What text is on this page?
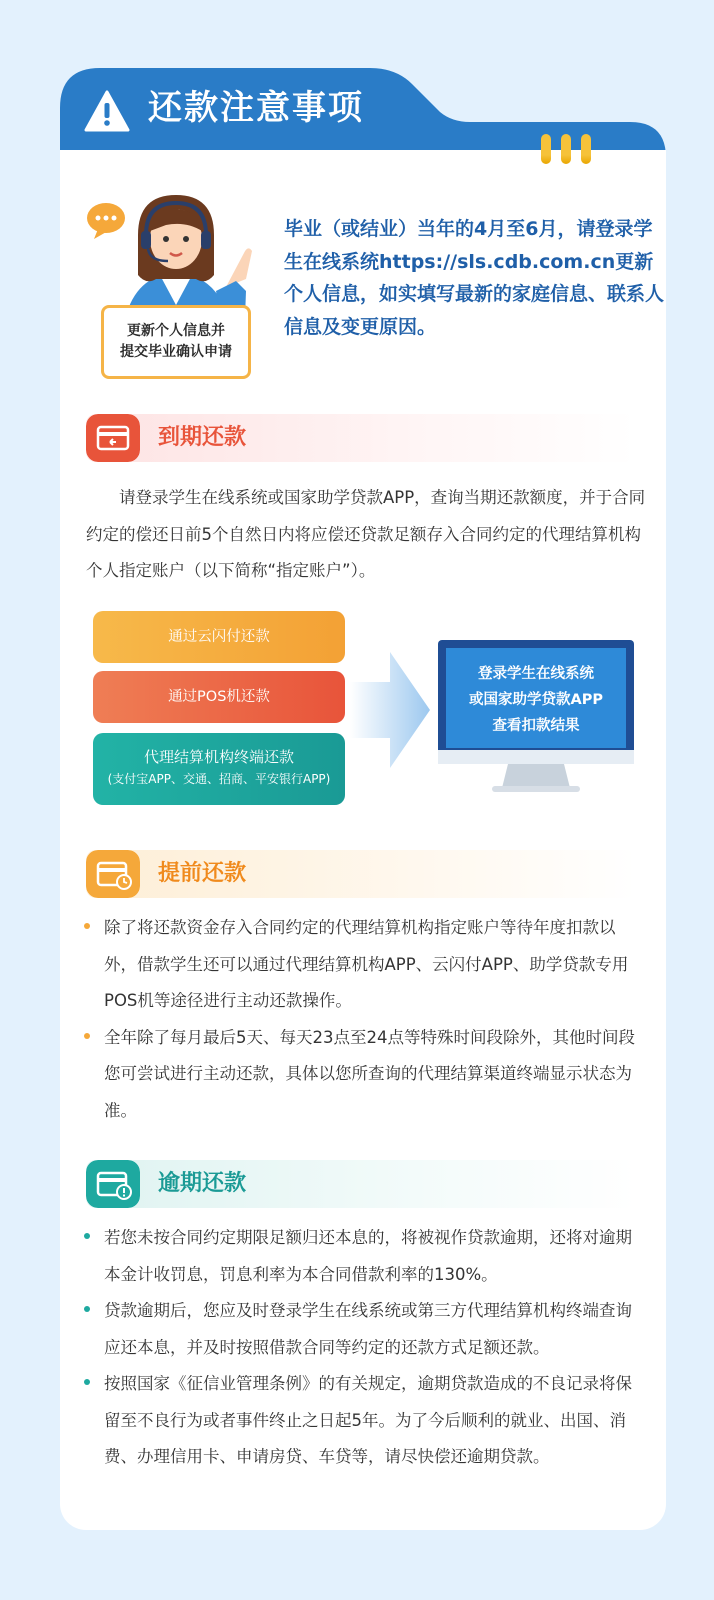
还款注意事项
更新个人信息并
提交毕业确认申请
毕业（或结业）当年的4月至6月，请登录学生在线系统https://sls.cdb.com.cn更新个人信息，如实填写最新的家庭信息、联系人信息及变更原因。
到期还款
　　请登录学生在线系统或国家助学贷款APP，查询当期还款额度，并于合同约定的偿还日前5个自然日内将应偿还贷款足额存入合同约定的代理结算机构个人指定账户（以下简称“指定账户”）。
通过云闪付还款
通过POS机还款
代理结算机构终端还款
(支付宝APP、交通、招商、平安银行APP)
登录学生在线系统
或国家助学贷款APP
查看扣款结果
提前还款
除了将还款资金存入合同约定的代理结算机构指定账户等待年度扣款以外，借款学生还可以通过代理结算机构APP、云闪付APP、助学贷款专用POS机等途径进行主动还款操作。
全年除了每月最后5天、每天23点至24点等特殊时间段除外，其他时间段您可尝试进行主动还款，具体以您所查询的代理结算渠道终端显示状态为准。
逾期还款
若您未按合同约定期限足额归还本息的，将被视作贷款逾期，还将对逾期本金计收罚息，罚息利率为本合同借款利率的130%。
贷款逾期后，您应及时登录学生在线系统或第三方代理结算机构终端查询应还本息，并及时按照借款合同等约定的还款方式足额还款。
按照国家《征信业管理条例》的有关规定，逾期贷款造成的不良记录将保留至不良行为或者事件终止之日起5年。为了今后顺利的就业、出国、消费、办理信用卡、申请房贷、车贷等，请尽快偿还逾期贷款。
